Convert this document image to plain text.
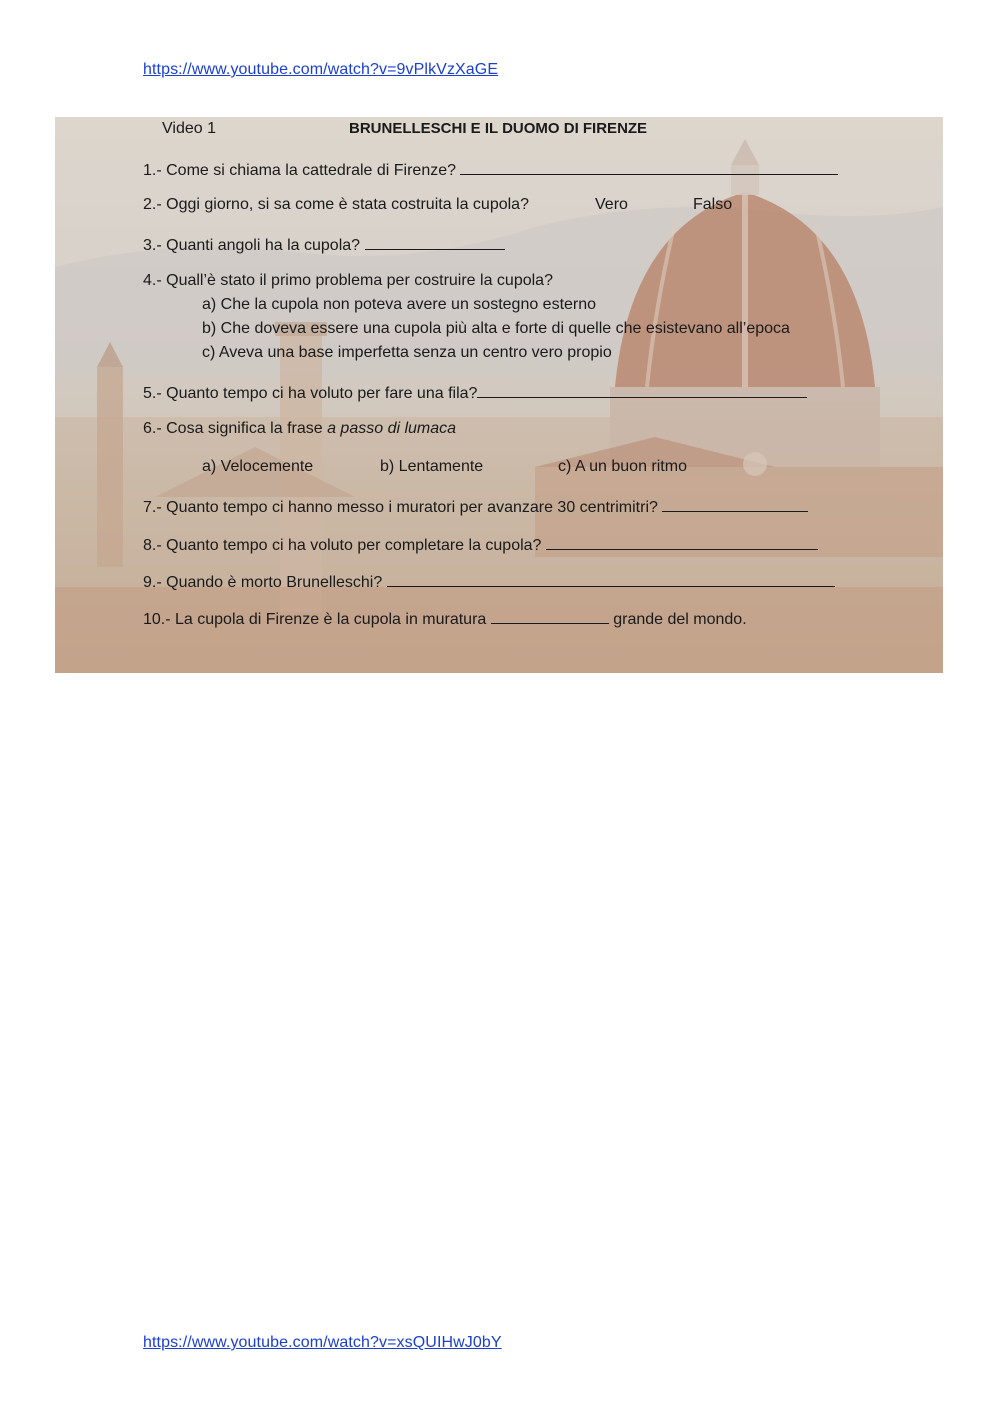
https://www.youtube.com/watch?v=9vPlkVzXaGE
Video 1	BRUNELLESCHI E IL DUOMO DI FIRENZE
1.- Come si chiama la cattedrale di Firenze?
2.- Oggi giorno, si sa come è stata costruita la cupola?	Vero	Falso
3.- Quanti angoli ha la cupola?
4.- Quall’è stato il primo problema per costruire la cupola?
a) Che la cupola non poteva avere un sostegno esterno
b) Che doveva essere una cupola più alta e forte di quelle che esistevano all’epoca
c) Aveva una base imperfetta senza un centro vero propio
5.- Quanto tempo ci ha voluto per fare una fila?
6.- Cosa significa la frase a passo di lumaca
a) Velocemente	b) Lentamente	c) A un buon ritmo
7.- Quanto tempo ci hanno messo i muratori per avanzare 30 centrimitri?
8.- Quanto tempo ci ha voluto per completare la cupola?
9.- Quando è morto Brunelleschi?
10.- La cupola di Firenze è la cupola in muratura	grande del mondo.
https://www.youtube.com/watch?v=xsQUIHwJ0bY
